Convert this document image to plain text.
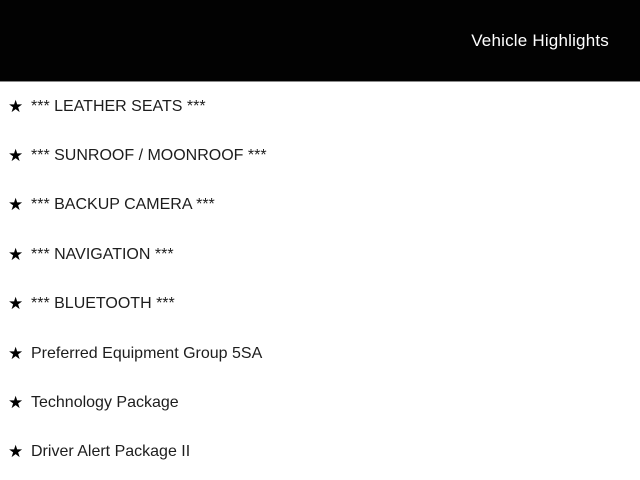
Vehicle Highlights
★ *** LEATHER SEATS ***
★ *** SUNROOF / MOONROOF ***
★ *** BACKUP CAMERA ***
★ *** NAVIGATION ***
★ *** BLUETOOTH ***
★ Preferred Equipment Group 5SA
★ Technology Package
★ Driver Alert Package II
